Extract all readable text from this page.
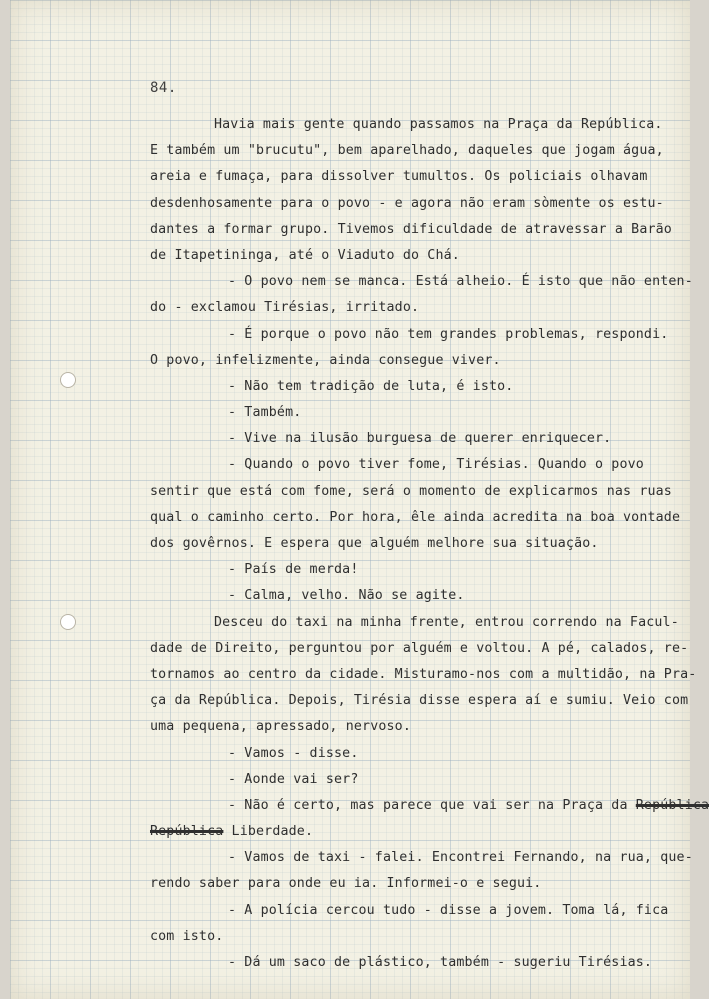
84.
Havia mais gente quando passamos na Praça da República.
E também um "brucutu", bem aparelhado, daqueles que jogam água,
areia e fumaça, para dissolver tumultos. Os policiais olhavam
desdenhosamente para o povo - e agora não eram sòmente os estu-
dantes a formar grupo. Tivemos dificuldade de atravessar a Barão
de Itapetininga, até o Viaduto do Chá.
- O povo nem se manca. Está alheio. É isto que não enten-
do - exclamou Tirésias, irritado.
- É porque o povo não tem grandes problemas, respondi.
O povo, infelizmente, ainda consegue viver.
- Não tem tradição de luta, é isto.
- Também.
- Vive na ilusão burguesa de querer enriquecer.
- Quando o povo tiver fome, Tirésias. Quando o povo
sentir que está com fome, será o momento de explicarmos nas ruas
qual o caminho certo. Por hora, êle ainda acredita na boa vontade
dos govêrnos. E espera que alguém melhore sua situação.
- País de merda!
- Calma, velho. Não se agite.
Desceu do taxi na minha frente, entrou correndo na Facul-
dade de Direito, perguntou por alguém e voltou. A pé, calados, re-
tornamos ao centro da cidade. Misturamo-nos com a multidão, na Pra-
ça da República. Depois, Tirésia disse espera aí e sumiu. Veio com
uma pequena, apressado, nervoso.
- Vamos - disse.
- Aonde vai ser?
- Não é certo, mas parece que vai ser na Praça da República
República Liberdade.
- Vamos de taxi - falei. Encontrei Fernando, na rua, que-
rendo saber para onde eu ia. Informei-o e segui.
- A polícia cercou tudo - disse a jovem. Toma lá, fica
com isto.
- Dá um saco de plástico, também - sugeriu Tirésias.
